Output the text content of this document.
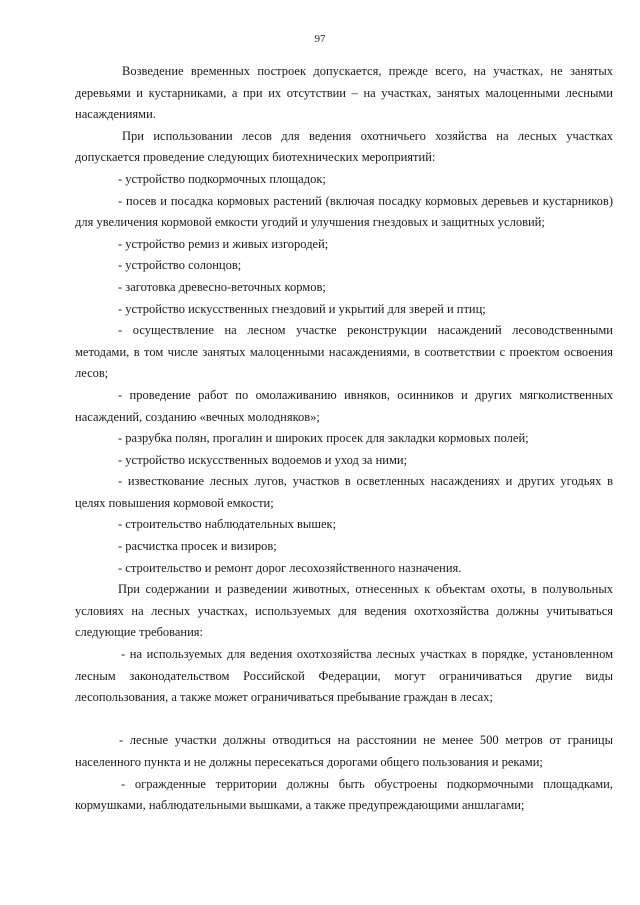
97

Возведение временных построек допускается, прежде всего, на участках, не занятых деревьями и кустарниками, а при их отсутствии – на участках, занятых малоценными лесными насаждениями.

При использовании лесов для ведения охотничьего хозяйства на лесных участках допускается проведение следующих биотехнических мероприятий:

- устройство подкормочных площадок;

- посев и посадка кормовых растений (включая посадку кормовых деревьев и кустарников) для увеличения кормовой емкости угодий и улучшения гнездовых и защитных условий;

- устройство ремиз и живых изгородей;

- устройство солонцов;

- заготовка древесно-веточных кормов;

- устройство искусственных гнездовий и укрытий для зверей и птиц;

- осуществление на лесном участке реконструкции насаждений лесоводственными методами, в том числе занятых малоценными насаждениями, в соответствии с проектом освоения лесов;

- проведение работ по омолаживанию ивняков, осинников и других мягколиственных насаждений, созданию «вечных молодняков»;

- разрубка полян, прогалин и широких просек для закладки кормовых полей;

- устройство искусственных водоемов и уход за ними;

- известкование лесных лугов, участков в осветленных насаждениях и других угодьях в целях повышения кормовой емкости;

- строительство наблюдательных вышек;

- расчистка просек и визиров;

- строительство и ремонт дорог лесохозяйственного назначения.

При содержании и разведении животных, отнесенных к объектам охоты, в полувольных условиях на лесных участках, используемых для ведения охотхозяйства должны учитываться следующие требования:

- на используемых для ведения охотхозяйства лесных участках в порядке, установленном лесным законодательством Российской Федерации, могут ограничиваться другие виды лесопользования, а также может ограничиваться пребывание граждан в лесах;

- лесные участки должны отводиться на расстоянии не менее 500 метров от границы населенного пункта и не должны пересекаться дорогами общего пользования и реками;

- огражденные территории должны быть обустроены подкормочными площадками, кормушками, наблюдательными вышками, а также предупреждающими аншлагами;
